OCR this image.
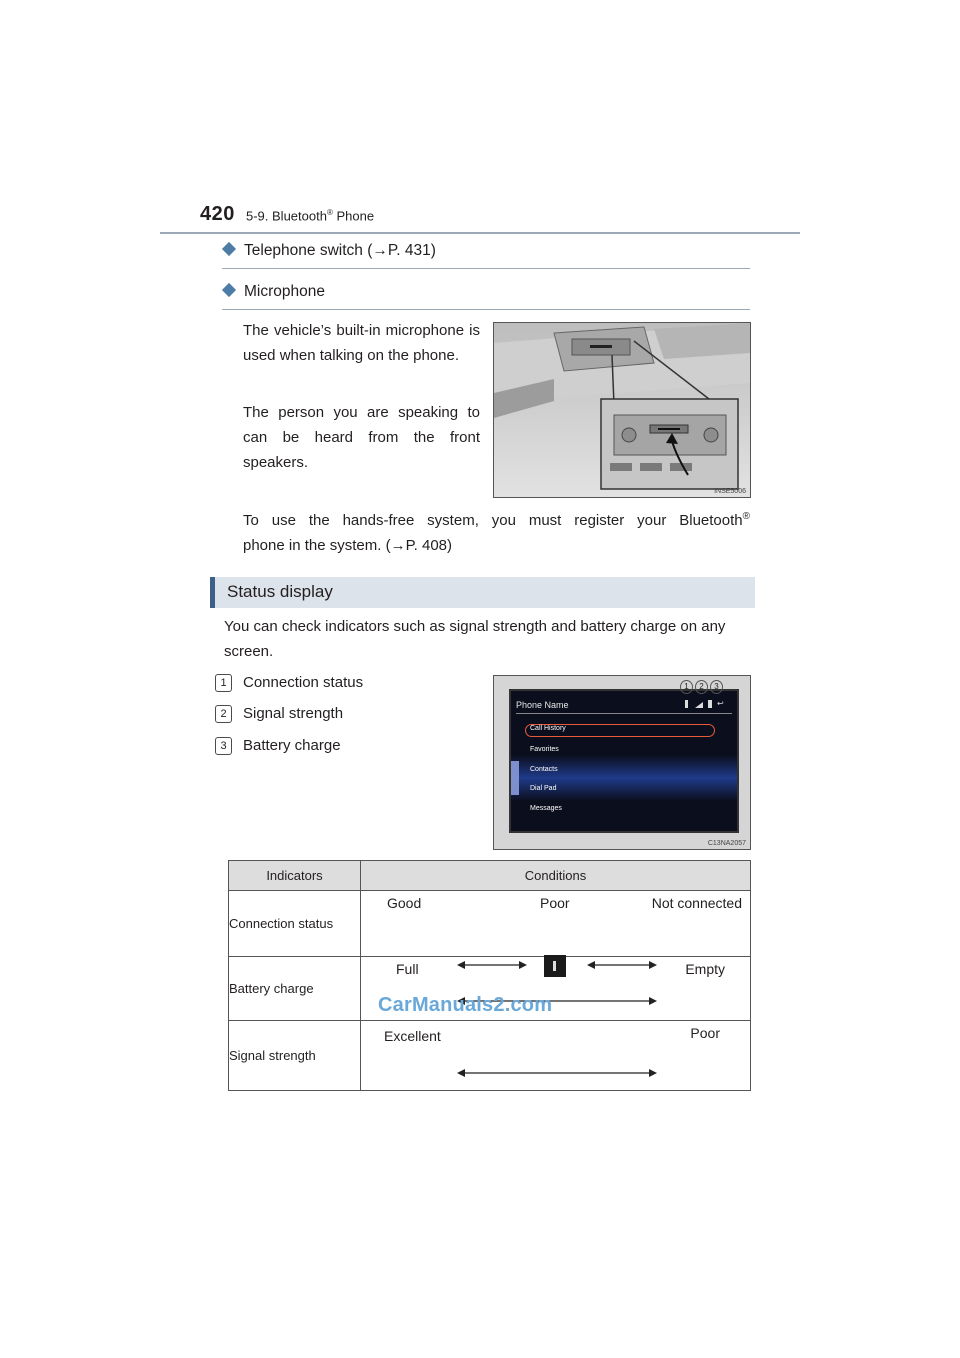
420 5-9. Bluetooth® Phone
Telephone switch (→P. 431)
Microphone
The vehicle’s built-in microphone is used when talking on the phone.
The person you are speaking to can be heard from the front speakers.
INSE5006
To use the hands-free system, you must register your Bluetooth®
phone in the system. (→P. 408)
Status display
You can check indicators such as signal strength and battery charge on any screen.
1	Connection status
2	Signal strength
3	Battery charge
Phone Name	↩
Call History
Favorites
Contacts
Dial Pad
Messages
1	2	3
C13NA2057
Indicators	Conditions
Connection status	Good Poor Not connected

Battery charge	Full Empty

Signal strength	Excellent Poor
CarManuals2.com
